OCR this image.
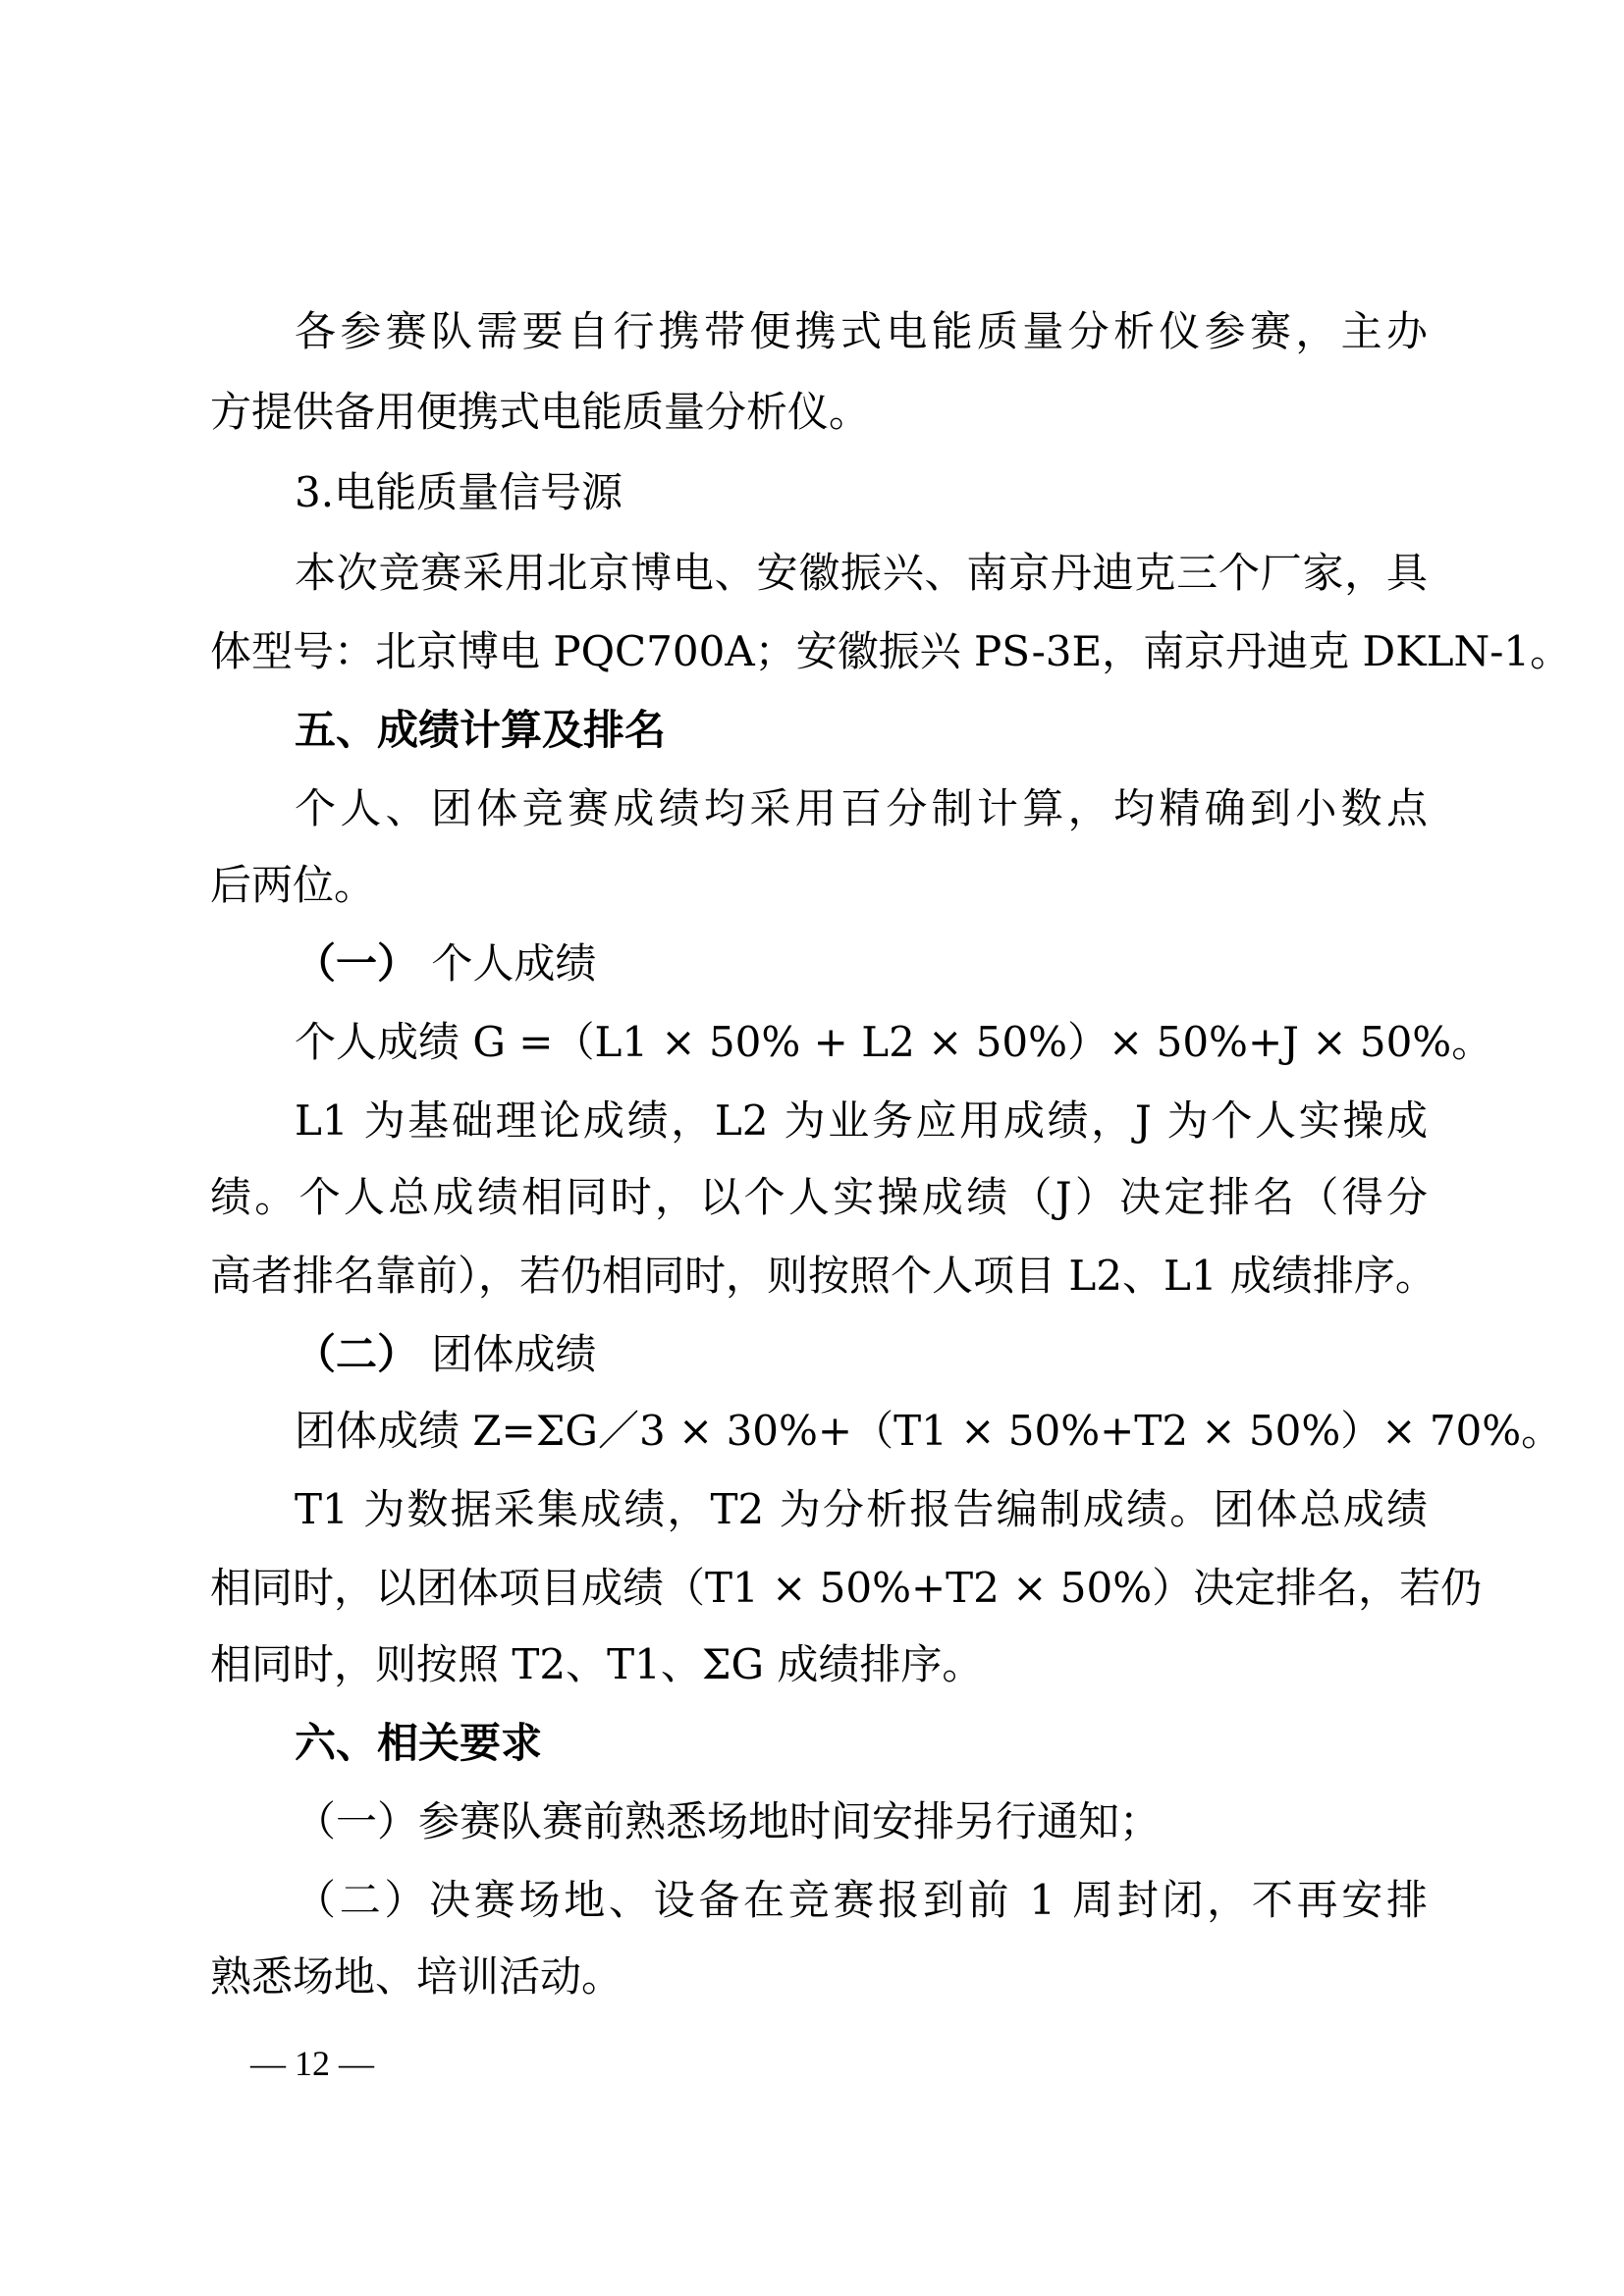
各参赛队需要自行携带便携式电能质量分析仪参赛，主办
方提供备用便携式电能质量分析仪。
3.电能质量信号源
本次竞赛采用北京博电、安徽振兴、南京丹迪克三个厂家，具
体型号：北京博电 PQC700A；安徽振兴 PS-3E，南京丹迪克 DKLN-1。
五、成绩计算及排名
个人、团体竞赛成绩均采用百分制计算，均精确到小数点
后两位。
（一） 个人成绩
个人成绩 G =（L1 × 50% + L2 × 50%）× 50%+J × 50%。
L1 为基础理论成绩，L2 为业务应用成绩，J 为个人实操成
绩。个人总成绩相同时，以个人实操成绩（J）决定排名（得分
高者排名靠前），若仍相同时，则按照个人项目 L2、L1 成绩排序。
（二） 团体成绩
团体成绩 Z=ΣG／3 × 30%+（T1 × 50%+T2 × 50%）× 70%。
T1 为数据采集成绩，T2 为分析报告编制成绩。团体总成绩
相同时，以团体项目成绩（T1 × 50%+T2 × 50%）决定排名，若仍
相同时，则按照 T2、T1、ΣG 成绩排序。
六、相关要求
（一）参赛队赛前熟悉场地时间安排另行通知；
（二）决赛场地、设备在竞赛报到前 1 周封闭，不再安排
熟悉场地、培训活动。
— 12 —
